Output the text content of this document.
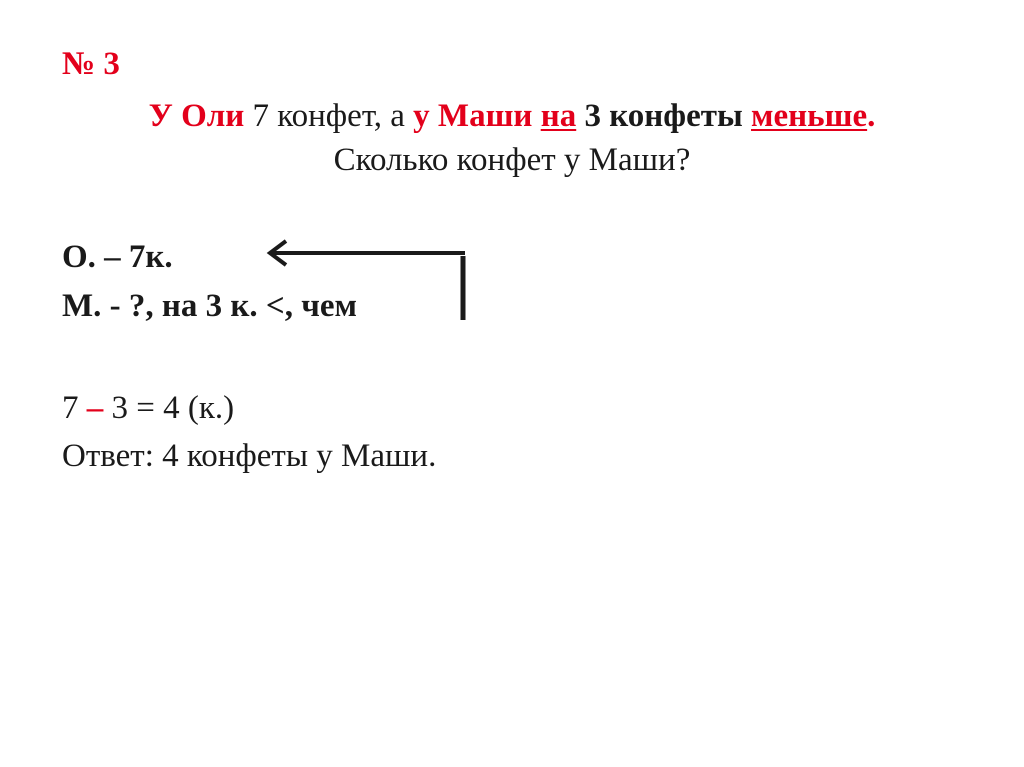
№ 3
У Оли 7 конфет, а у Маши на 3 конфеты меньше.
Сколько конфет у Маши?
О. – 7к.
М. - ?, на 3 к. <, чем
7 – 3 = 4 (к.)
Ответ: 4 конфеты у Маши.
